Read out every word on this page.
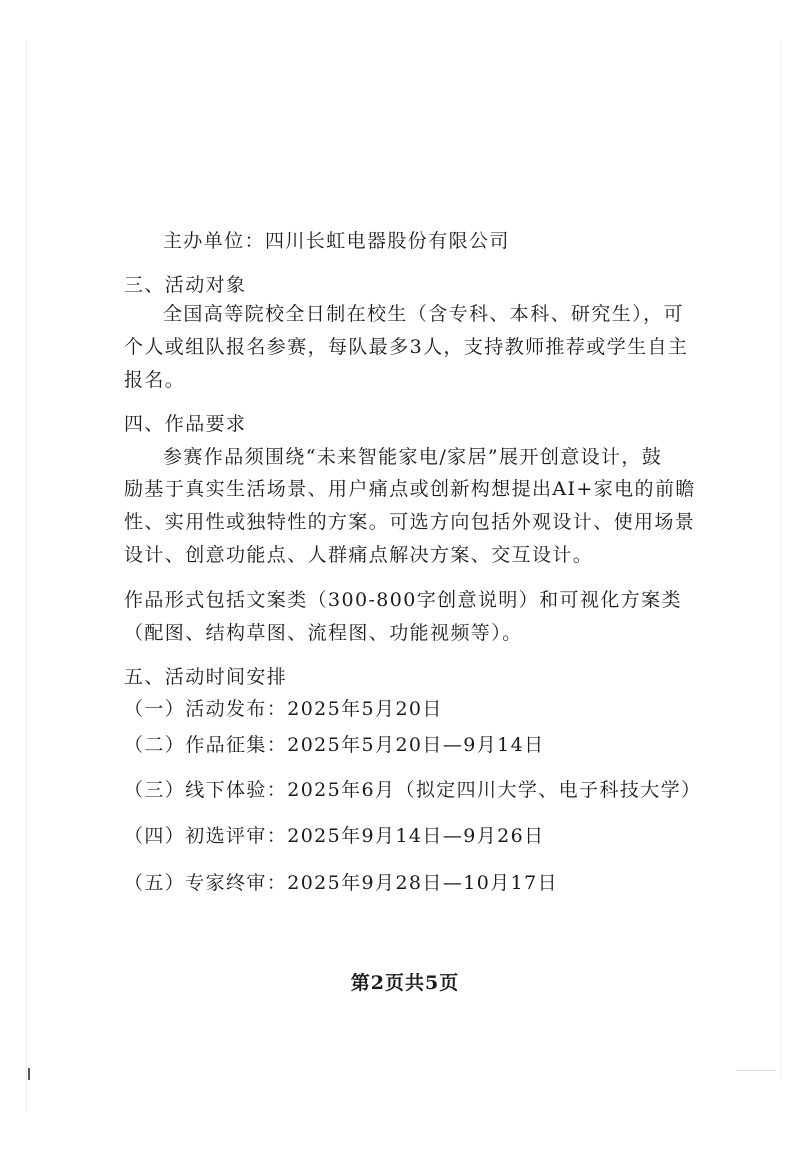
主办单位：四川长虹电器股份有限公司
三、活动对象
全国高等院校全日制在校生（含专科、本科、研究生），可
个人或组队报名参赛，每队最多3人，支持教师推荐或学生自主
报名。
四、作品要求
参赛作品须围绕“未来智能家电/家居”展开创意设计，鼓
励基于真实生活场景、用户痛点或创新构想提出AI+家电的前瞻
性、实用性或独特性的方案。可选方向包括外观设计、使用场景
设计、创意功能点、人群痛点解决方案、交互设计。
作品形式包括文案类（300-800字创意说明）和可视化方案类
（配图、结构草图、流程图、功能视频等）。
五、活动时间安排
（一）活动发布：2025年5月20日
（二）作品征集：2025年5月20日—9月14日
（三）线下体验：2025年6月（拟定四川大学、电子科技大学）
（四）初选评审：2025年9月14日—9月26日
（五）专家终审：2025年9月28日—10月17日
第2页共5页
